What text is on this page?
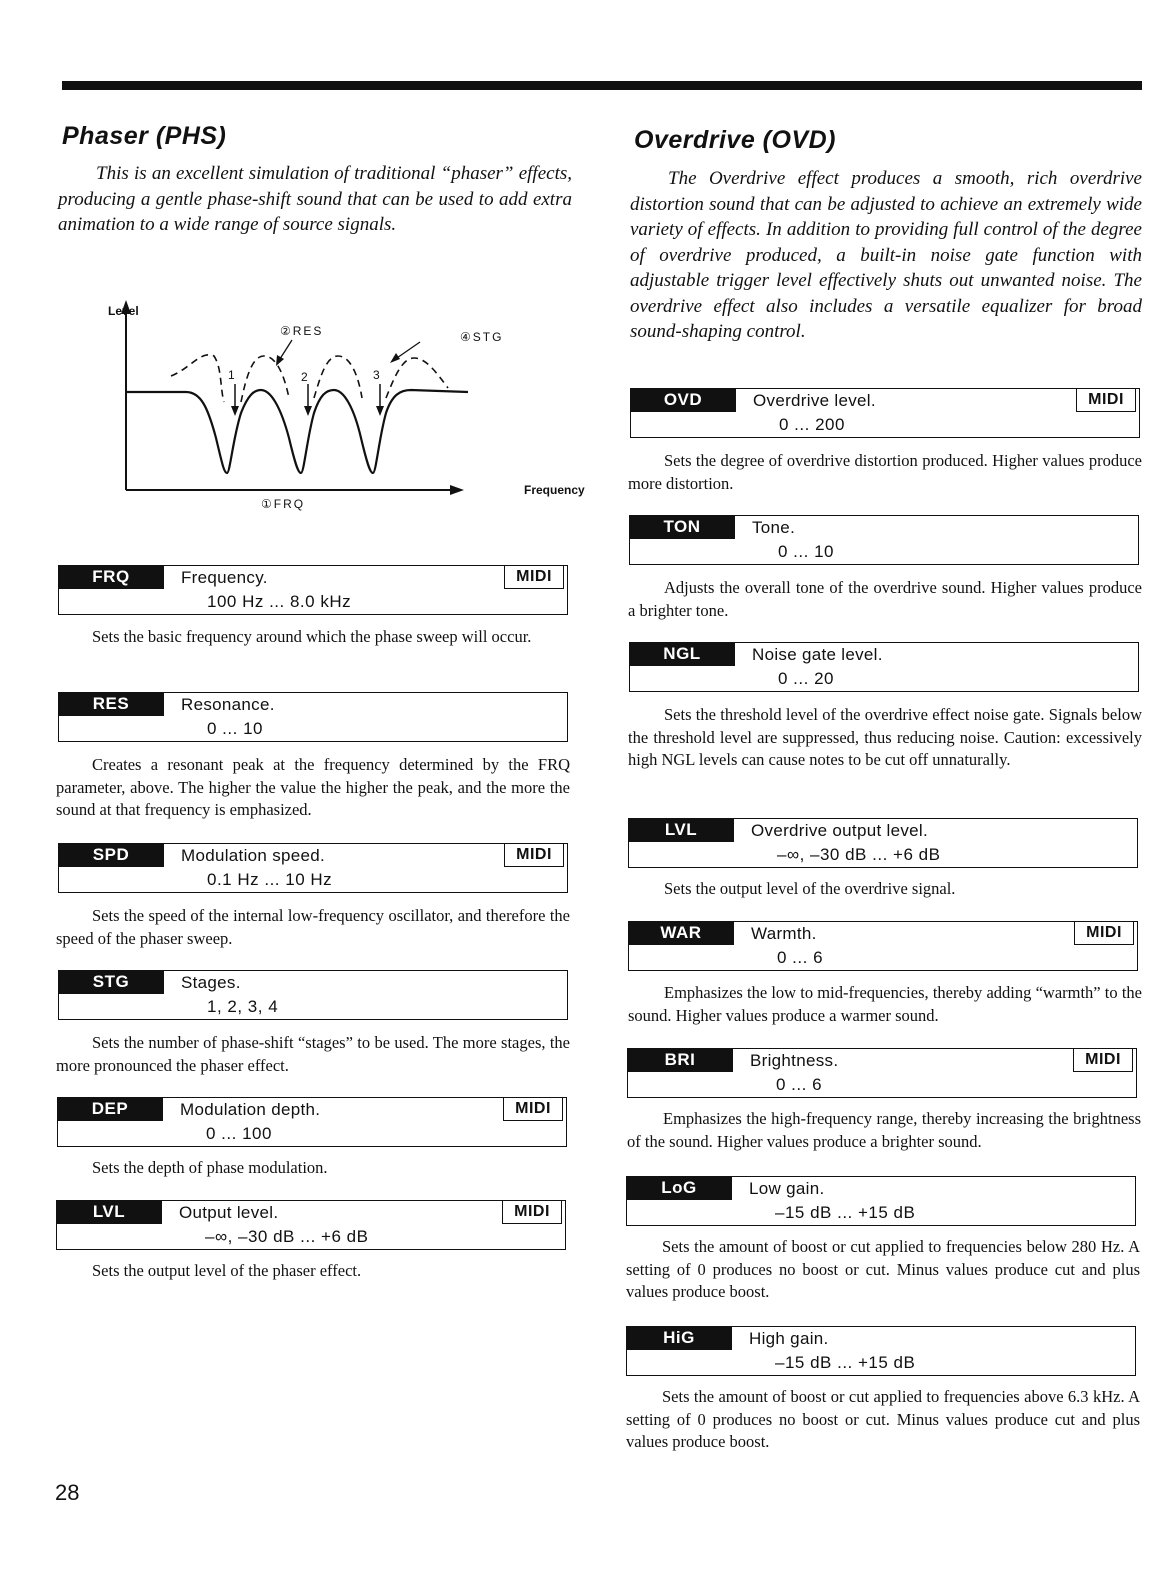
Phaser (PHS)

This is an excellent simulation of traditional “phaser” effects, producing a gentle phase-shift sound that can be used to add extra animation to a wide range of source signals.

Level
Frequency
②RES	④STG
①FRQ
1	2	3
FRQ	Frequency.
100 Hz ... 8.0 kHz
MIDI

Sets the basic frequency around which the phase sweep will occur.

RES	Resonance.
0 ... 10

Creates a resonant peak at the frequency determined by the FRQ parameter, above. The higher the value the higher the peak, and the more the sound at that frequency is emphasized.

SPD	Modulation speed.
0.1 Hz ... 10 Hz
MIDI

Sets the speed of the internal low-frequency oscillator, and therefore the speed of the phaser sweep.

STG	Stages.
1, 2, 3, 4

Sets the number of phase-shift “stages” to be used. The more stages, the more pronounced the phaser effect.

DEP	Modulation depth.
0 ... 100
MIDI

Sets the depth of phase modulation.

LVL	Output level.
–∞, –30 dB ... +6 dB
MIDI

Sets the output level of the phaser effect.

Overdrive (OVD)

The Overdrive effect produces a smooth, rich overdrive distortion sound that can be adjusted to achieve an extremely wide variety of effects. In addition to providing full control of the degree of overdrive produced, a built-in noise gate function with adjustable trigger level effectively shuts out unwanted noise. The overdrive effect also includes a versatile equalizer for broad sound-shaping control.

OVD	Overdrive level.
0 ... 200
MIDI

Sets the degree of overdrive distortion produced. Higher values produce more distortion.

TON	Tone.
0 ... 10

Adjusts the overall tone of the overdrive sound. Higher values produce a brighter tone.

NGL	Noise gate level.
0 ... 20

Sets the threshold level of the overdrive effect noise gate. Signals below the threshold level are suppressed, thus reducing noise. Caution: excessively high NGL levels can cause notes to be cut off unnaturally.

LVL	Overdrive output level.
–∞, –30 dB ... +6 dB

Sets the output level of the overdrive signal.

WAR	Warmth.
0 ... 6
MIDI

Emphasizes the low to mid-frequencies, thereby adding “warmth” to the sound. Higher values produce a warmer sound.

BRI	Brightness.
0 ... 6
MIDI

Emphasizes the high-frequency range, thereby increasing the brightness of the sound. Higher values produce a brighter sound.

LoG	Low gain.
–15 dB ... +15 dB

Sets the amount of boost or cut applied to frequencies below 280 Hz. A setting of 0 produces no boost or cut. Minus values produce cut and plus values produce boost.

HiG	High gain.
–15 dB ... +15 dB

Sets the amount of boost or cut applied to frequencies above 6.3 kHz. A setting of 0 produces no boost or cut. Minus values produce cut and plus values produce boost.

28
